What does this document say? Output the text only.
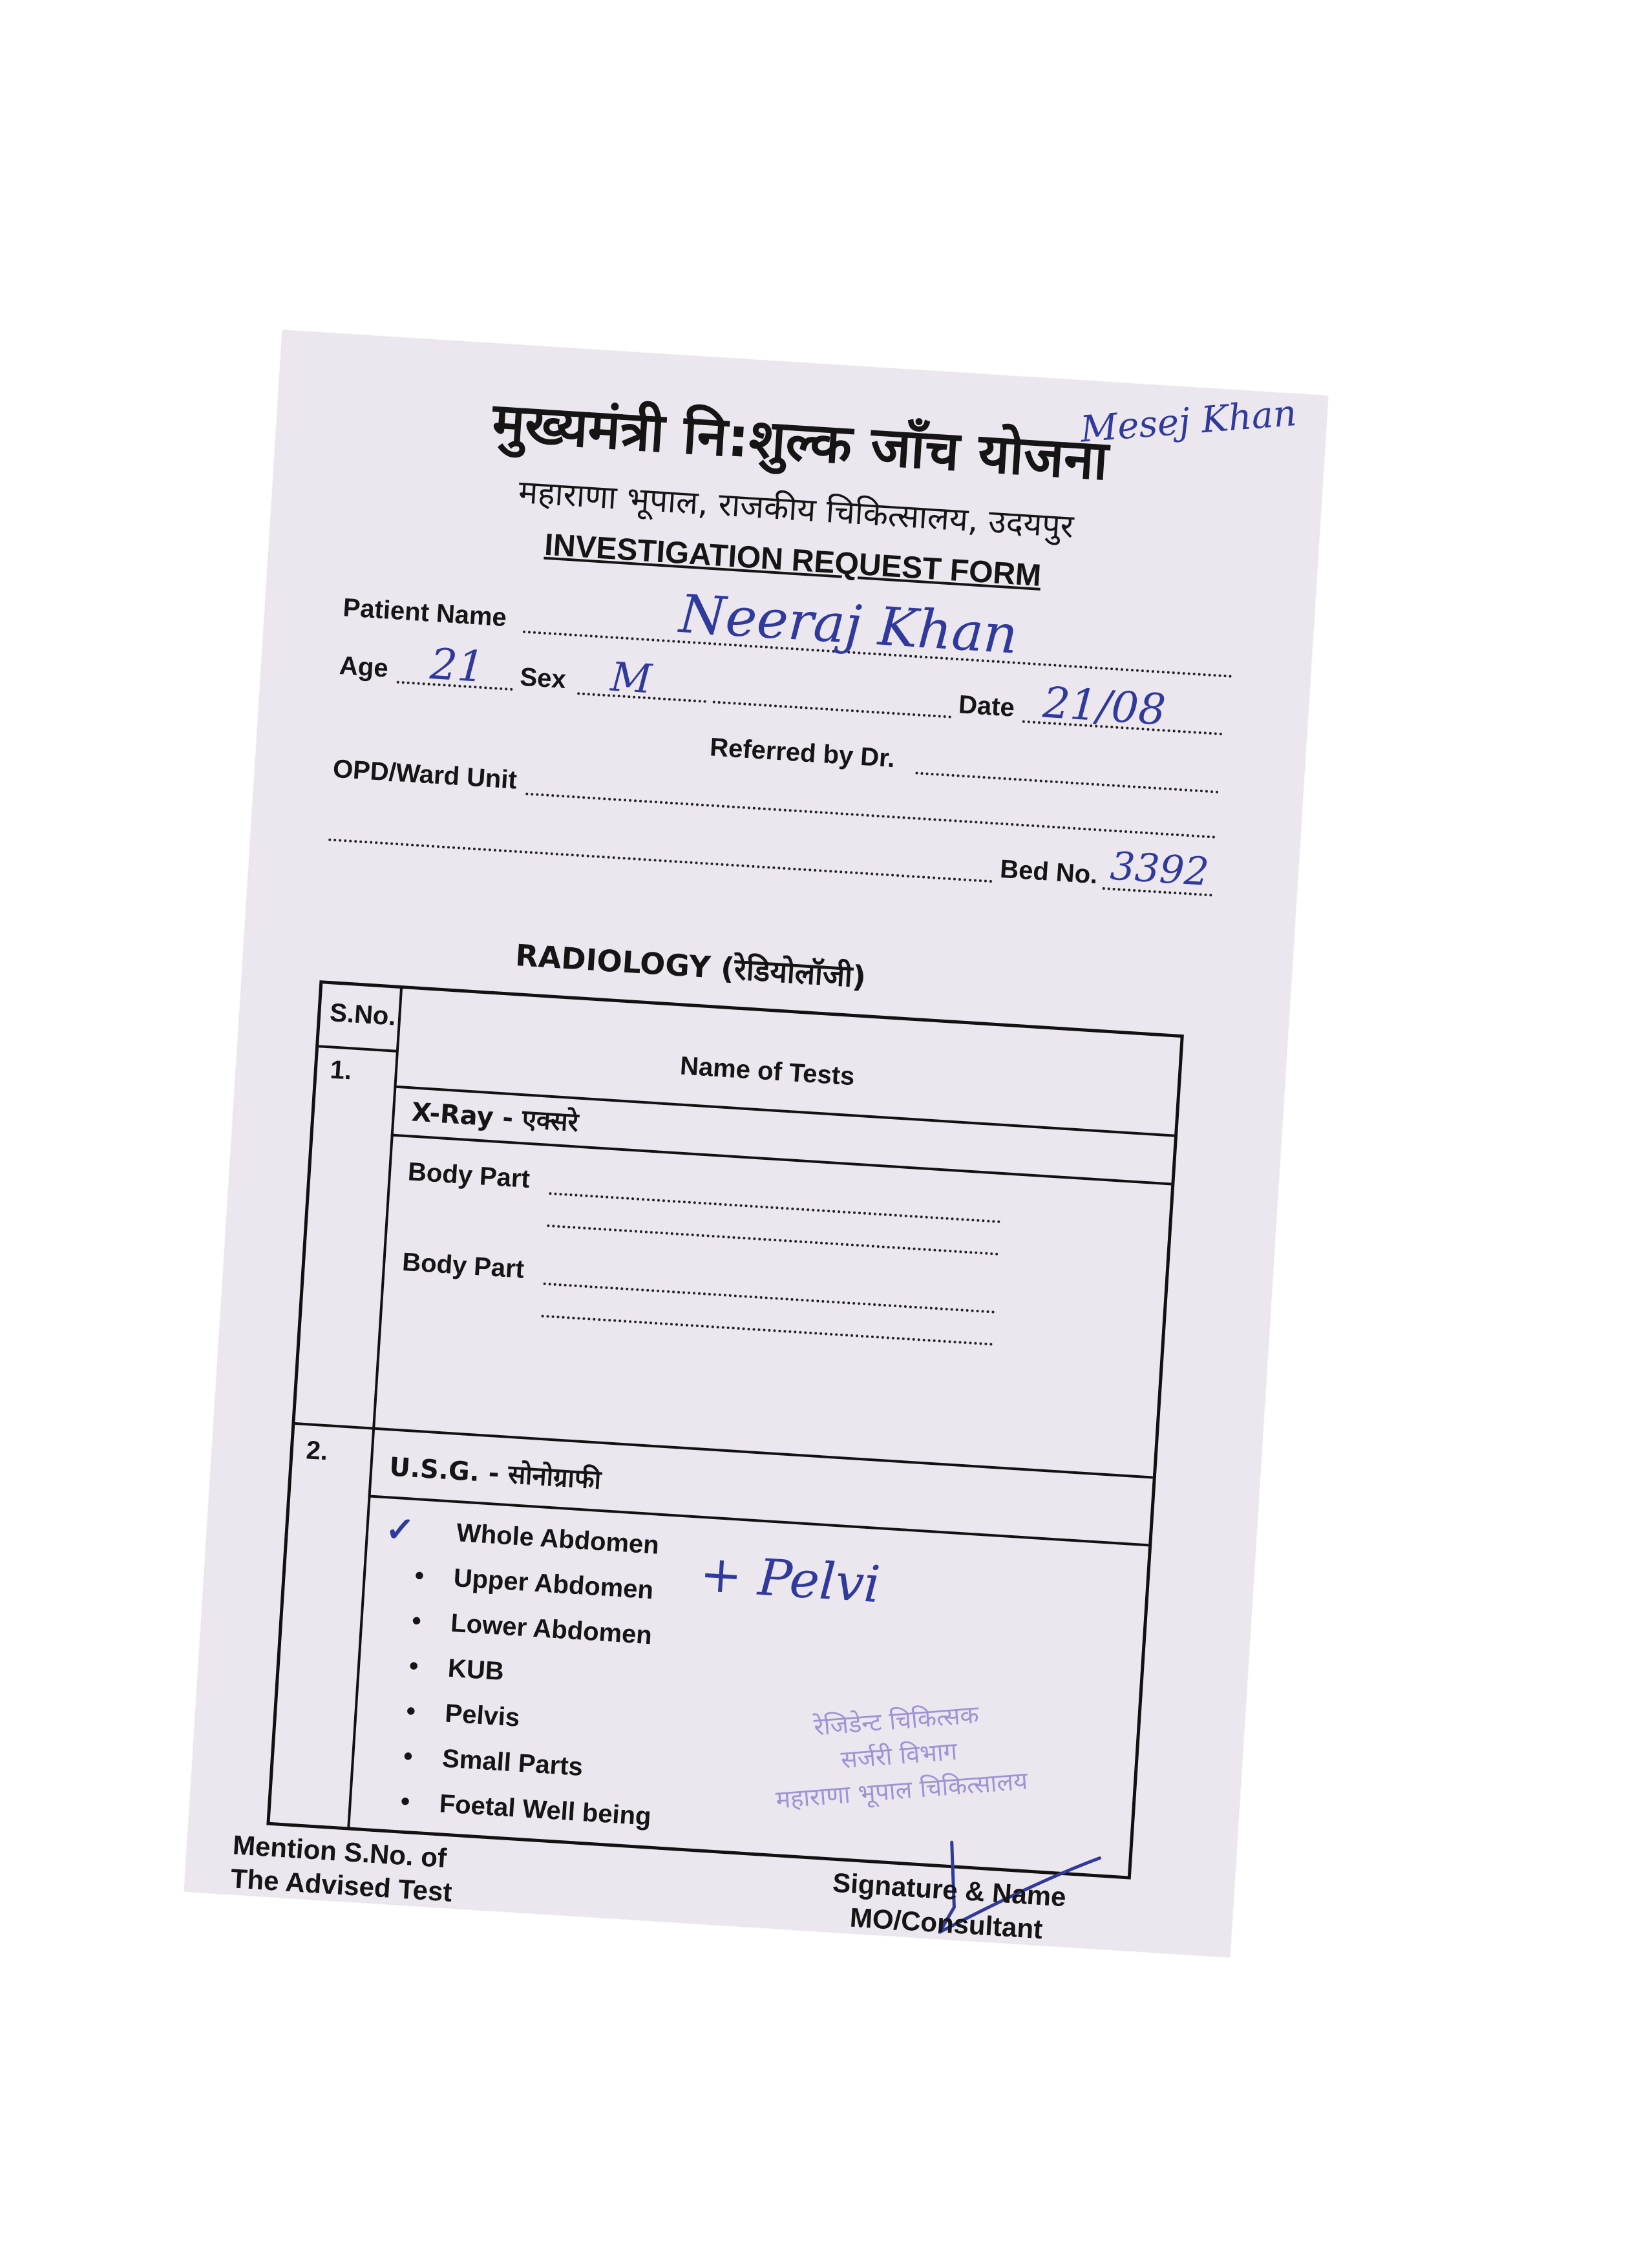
Mesej Khan
मुख्यमंत्री नि:शुल्क जाँच योजना
महाराणा भूपाल, राजकीय चिकित्सालय, उदयपुर
INVESTIGATION REQUEST FORM
Patient Name	Neeraj Khan
Age 21 Sex M
Date 21/08
Referred by Dr.
OPD/Ward Unit
Bed No. 3392
RADIOLOGY (रेडियोलॉजी)
S.No.
Name of Tests
1.
X-Ray - एक्सरे
Body Part
Body Part
2.
U.S.G. - सोनोग्राफी
✓ Whole Abdomen
• Upper Abdomen
• Lower Abdomen
• KUB
• Pelvis
• Small Parts
• Foetal Well being
+ Pelvi
रेजिडेन्ट चिकित्सक
सर्जरी विभाग
महाराणा भूपाल चिकित्सालय
Mention S.No. of
The Advised Test	Signature & Name
MO/Consultant
